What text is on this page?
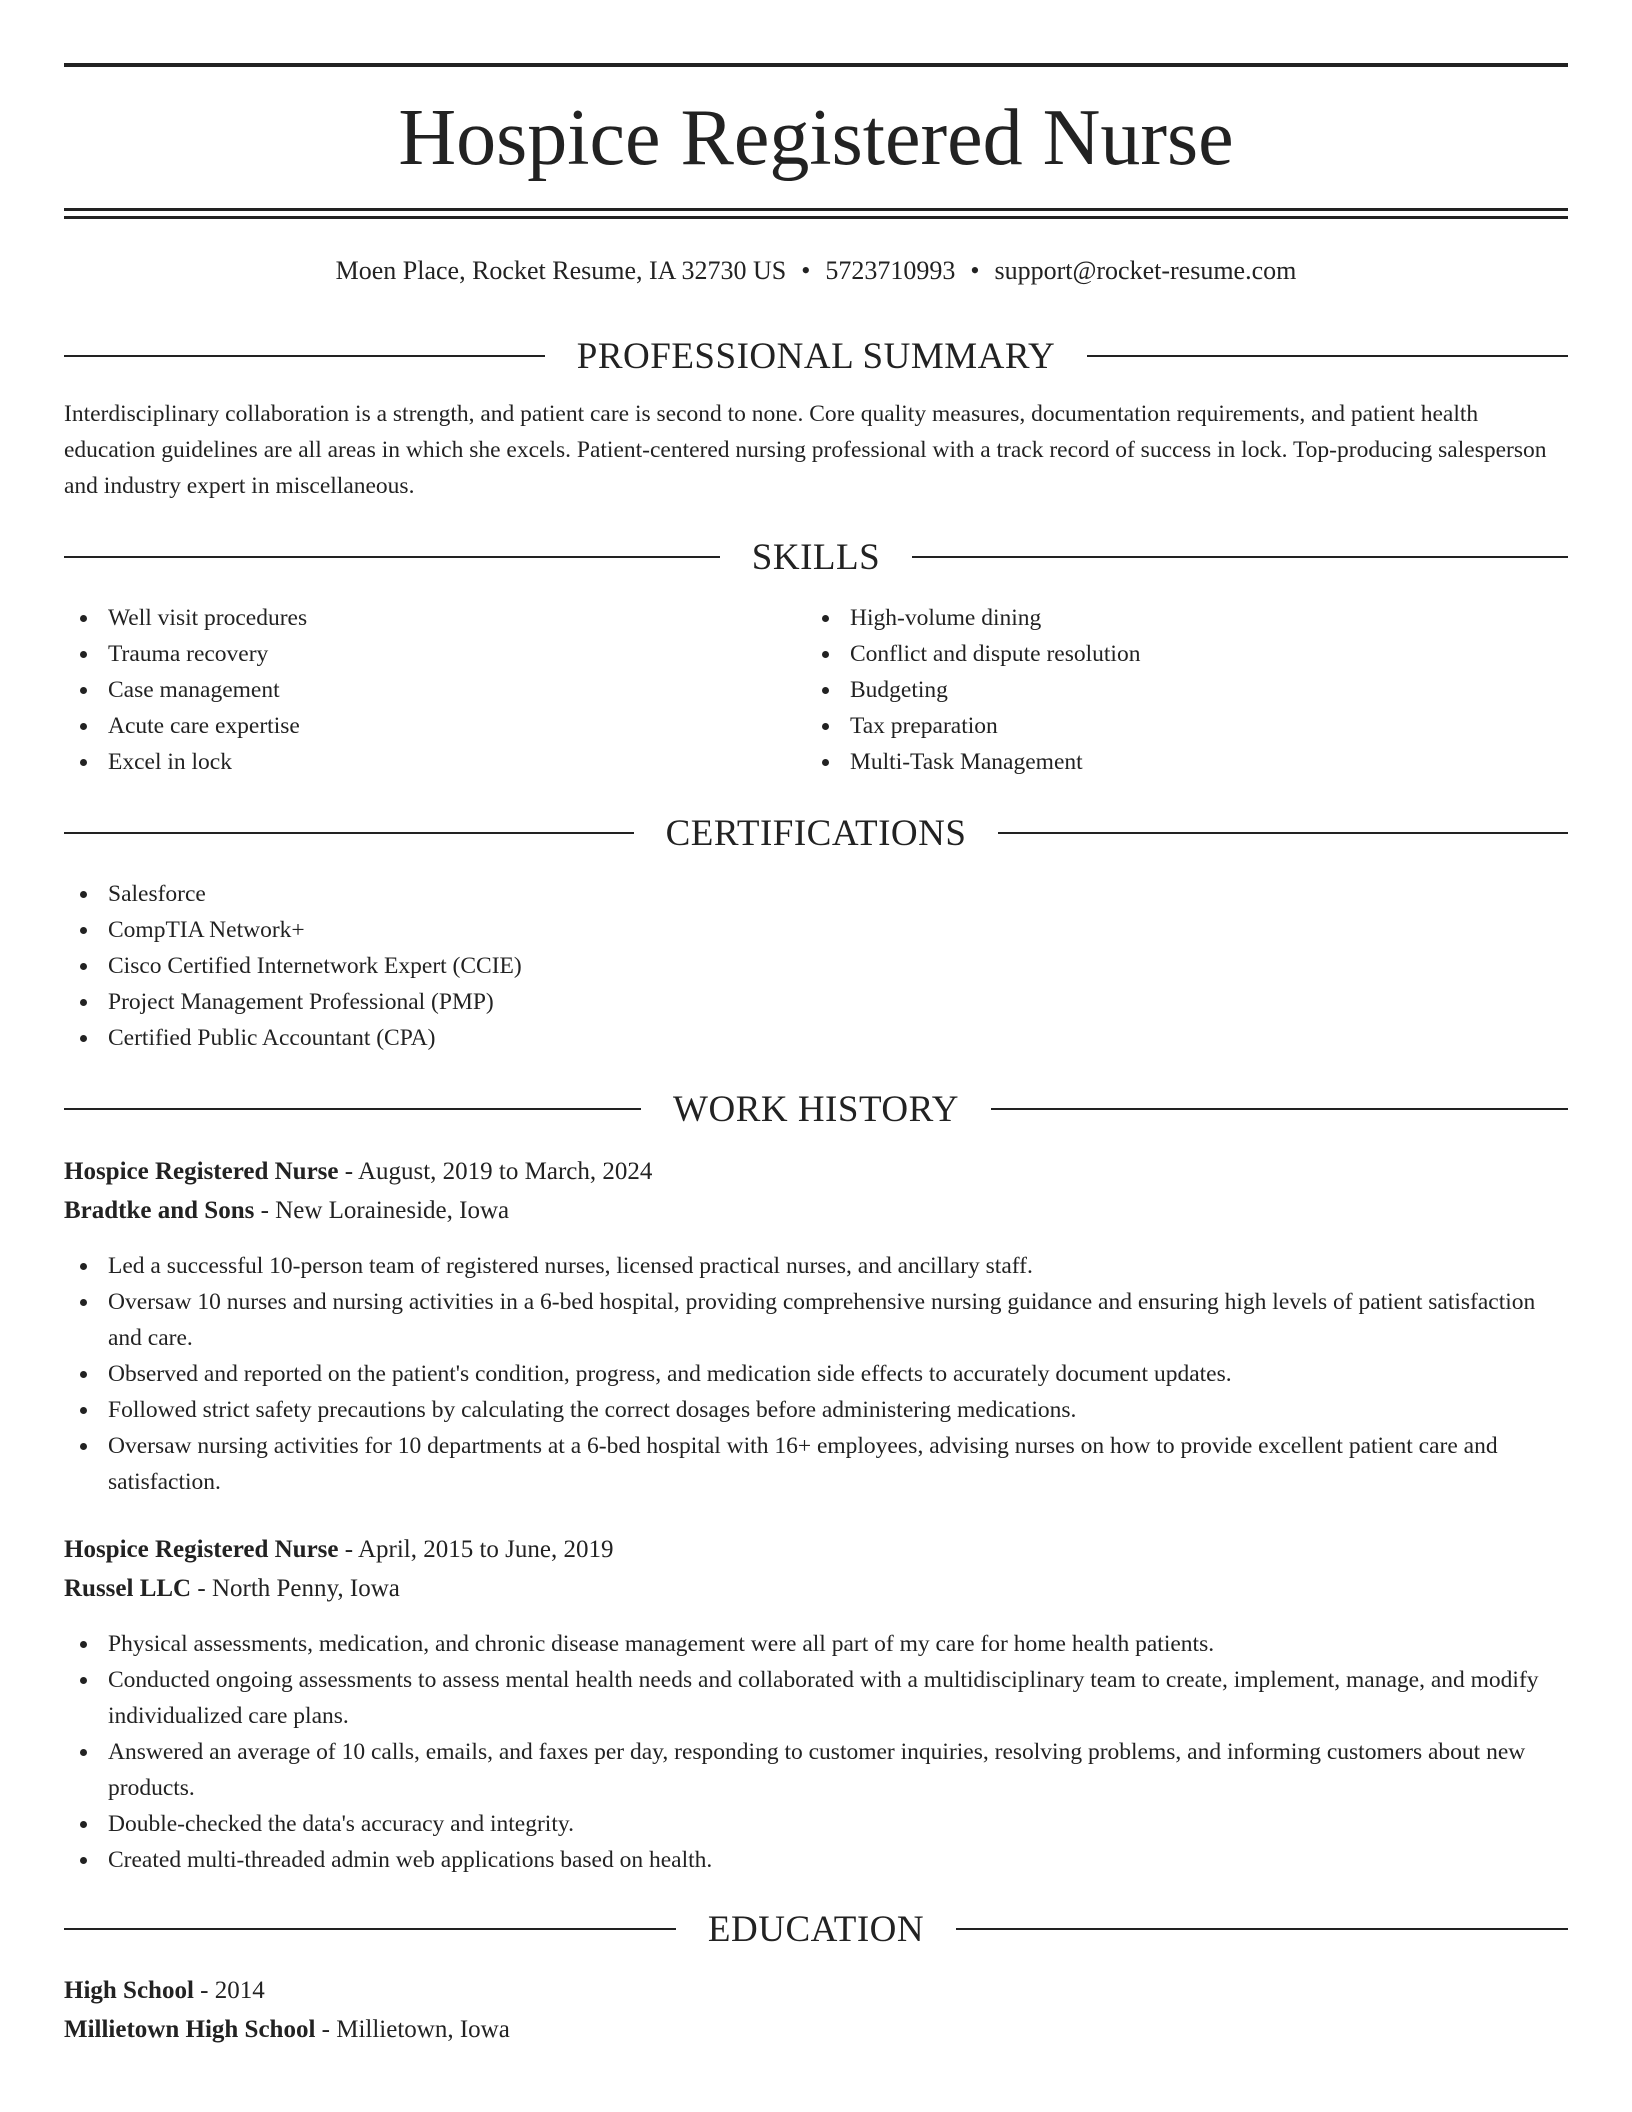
Hospice Registered Nurse
Moen Place, Rocket Resume, IA 32730 US • 5723710993 • support@rocket-resume.com
PROFESSIONAL SUMMARY
Interdisciplinary collaboration is a strength, and patient care is second to none. Core quality measures, documentation requirements, and patient health education guidelines are all areas in which she excels. Patient-centered nursing professional with a track record of success in lock. Top-producing salesperson and industry expert in miscellaneous.
SKILLS
Well visit procedures
Trauma recovery
Case management
Acute care expertise
Excel in lock
High-volume dining
Conflict and dispute resolution
Budgeting
Tax preparation
Multi-Task Management
CERTIFICATIONS
Salesforce
CompTIA Network+
Cisco Certified Internetwork Expert (CCIE)
Project Management Professional (PMP)
Certified Public Accountant (CPA)
WORK HISTORY
Hospice Registered Nurse - August, 2019 to March, 2024
Bradtke and Sons - New Loraineside, Iowa
Led a successful 10-person team of registered nurses, licensed practical nurses, and ancillary staff.
Oversaw 10 nurses and nursing activities in a 6-bed hospital, providing comprehensive nursing guidance and ensuring high levels of patient satisfaction and care.
Observed and reported on the patient's condition, progress, and medication side effects to accurately document updates.
Followed strict safety precautions by calculating the correct dosages before administering medications.
Oversaw nursing activities for 10 departments at a 6-bed hospital with 16+ employees, advising nurses on how to provide excellent patient care and satisfaction.
Hospice Registered Nurse - April, 2015 to June, 2019
Russel LLC - North Penny, Iowa
Physical assessments, medication, and chronic disease management were all part of my care for home health patients.
Conducted ongoing assessments to assess mental health needs and collaborated with a multidisciplinary team to create, implement, manage, and modify individualized care plans.
Answered an average of 10 calls, emails, and faxes per day, responding to customer inquiries, resolving problems, and informing customers about new products.
Double-checked the data's accuracy and integrity.
Created multi-threaded admin web applications based on health.
EDUCATION
High School - 2014
Millietown High School - Millietown, Iowa
